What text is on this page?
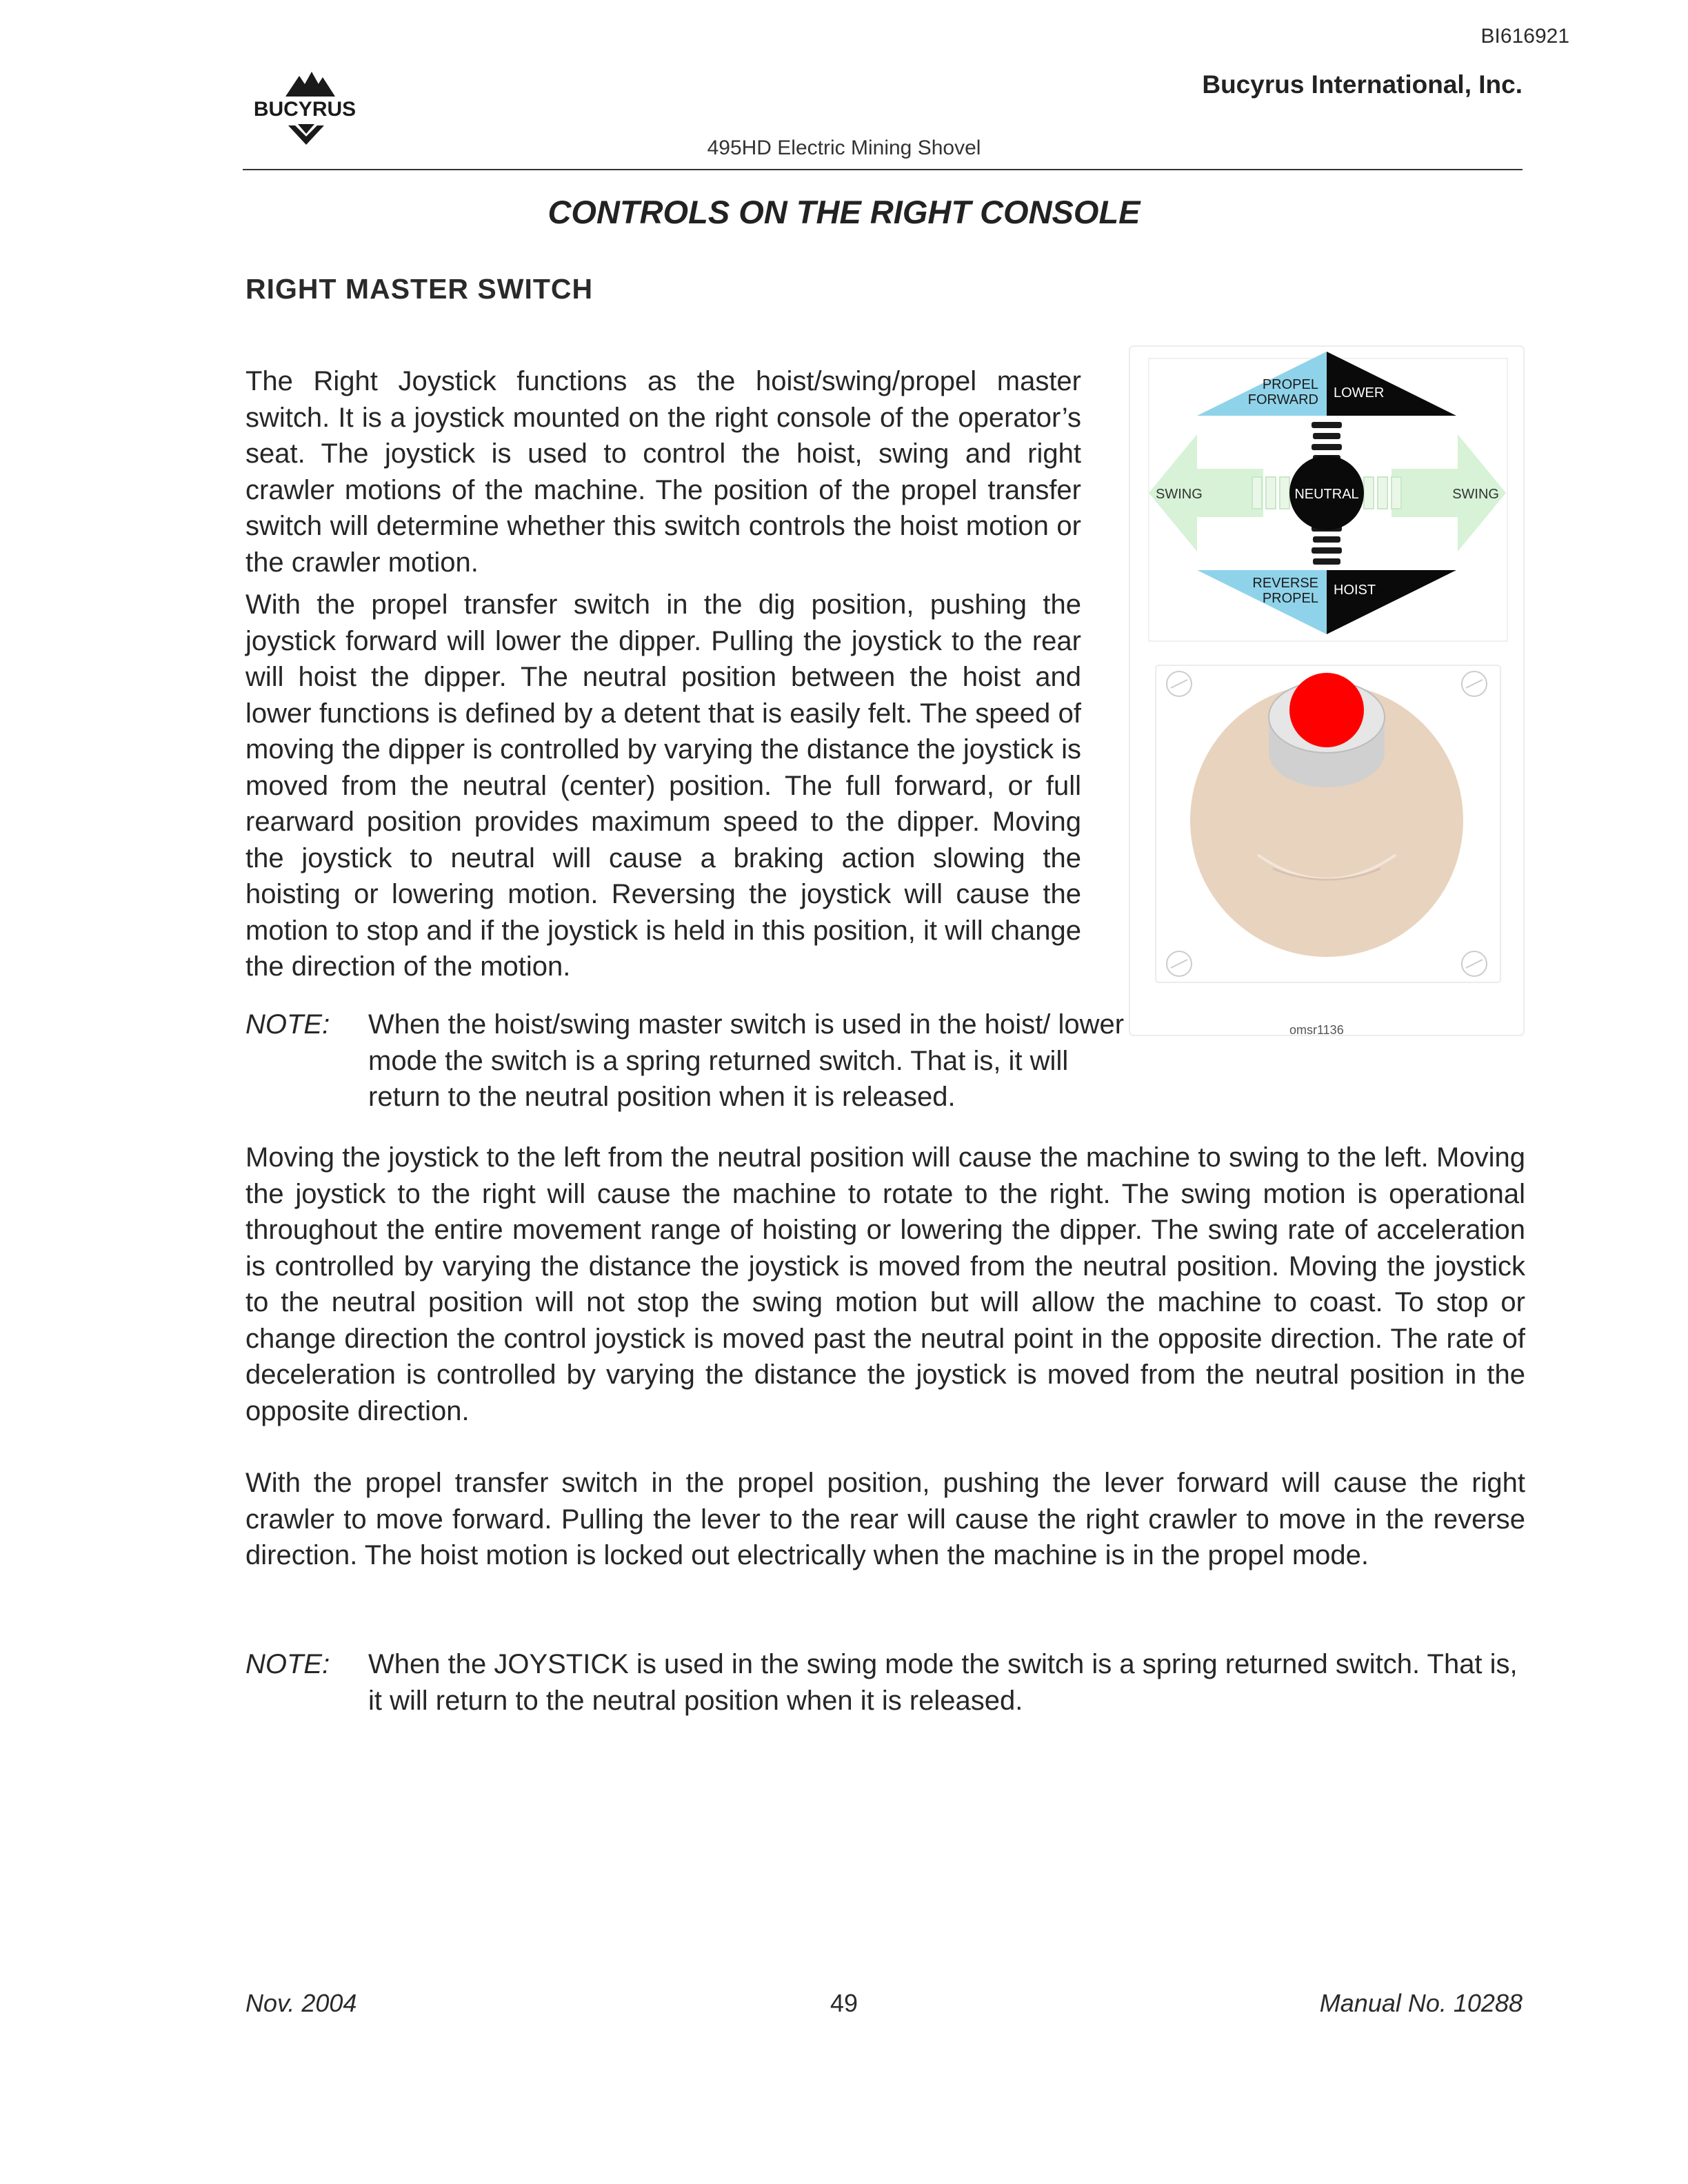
BI616921
BUCYRUS
Bucyrus International, Inc.
495HD Electric Mining Shovel
CONTROLS ON THE RIGHT CONSOLE
RIGHT MASTER SWITCH
The Right Joystick functions as the hoist/swing/propel master switch. It is a joystick mounted on the right console of the operator’s seat. The joystick is used to control the hoist, swing and right crawler motions of the machine. The position of the propel transfer switch will determine whether this switch controls the hoist motion or the crawler motion.
With the propel transfer switch in the dig position, pushing the joystick forward will lower the dipper. Pulling the joystick to the rear will hoist the dipper. The neutral position between the hoist and lower functions is defined by a detent that is easily felt. The speed of moving the dipper is controlled by varying the distance the joystick is moved from the neutral (center) position. The full forward, or full rearward position provides maximum speed to the dipper. Moving the joystick to neutral will cause a braking action slowing the hoisting or lowering motion. Reversing the joystick will cause the motion to stop and if the joystick is held in this position, it will change the direction of the motion.
NOTE: When the hoist/swing master switch is used in the hoist/ lower mode the switch is a spring returned switch. That is, it will return to the neutral position when it is released.
PROPEL
FORWARD LOWER
SWING	SWING
NEUTRAL
REVERSE
PROPEL
HOIST
omsr1136
Moving the joystick to the left from the neutral position will cause the machine to swing to the left. Moving the joystick to the right will cause the machine to rotate to the right. The swing motion is operational throughout the entire movement range of hoisting or lowering the dipper. The swing rate of acceleration is controlled by varying the distance the joystick is moved from the neutral position. Moving the joystick to the neutral position will not stop the swing motion but will allow the machine to coast. To stop or change direction the control joystick is moved past the neutral point in the opposite direction. The rate of deceleration is controlled by varying the distance the joystick is moved from the neutral position in the opposite direction.
With the propel transfer switch in the propel position, pushing the lever forward will cause the right crawler to move forward. Pulling the lever to the rear will cause the right crawler to move in the reverse direction. The hoist motion is locked out electrically when the machine is in the propel mode.
NOTE: When the JOYSTICK is used in the swing mode the switch is a spring returned switch. That is, it will return to the neutral position when it is released.
Nov. 2004	49	Manual No. 10288
